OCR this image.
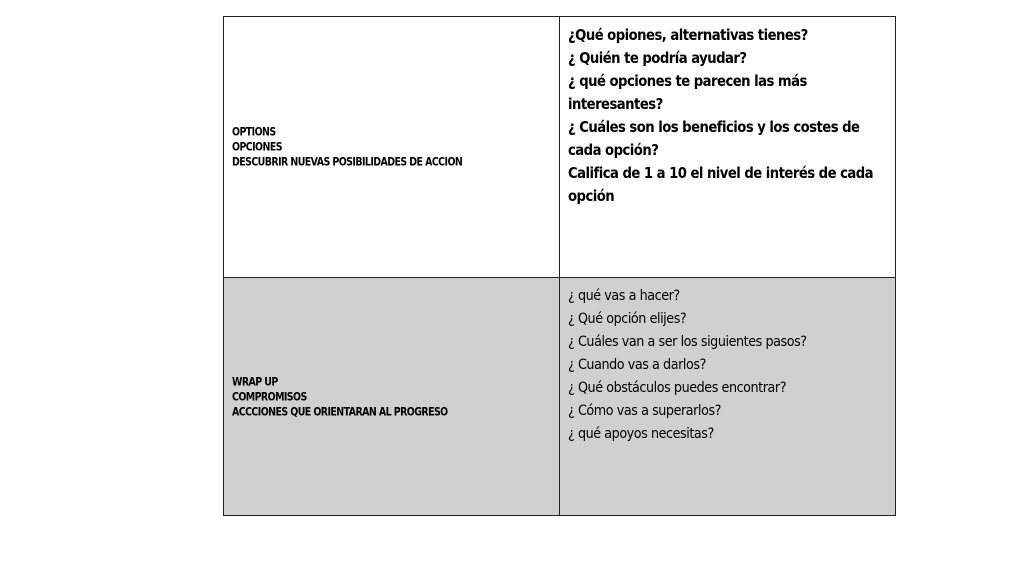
OPTIONS
OPCIONES
DESCUBRIR NUEVAS POSIBILIDADES DE ACCION
¿Qué opiones, alternativas tienes?
¿ Quién te podría ayudar?
¿ qué opciones te parecen las más interesantes?
¿ Cuáles son los beneficios y los costes de cada opción?
Califica de 1 a 10 el nivel de interés de cada opción
WRAP UP
COMPROMISOS
ACCCIONES QUE ORIENTARAN AL PROGRESO
¿ qué vas a hacer?
¿ Qué opción elijes?
¿ Cuáles van a ser los siguientes pasos?
¿ Cuando vas a darlos?
¿ Qué obstáculos puedes encontrar?
¿ Cómo vas a superarlos?
¿ qué apoyos necesitas?
